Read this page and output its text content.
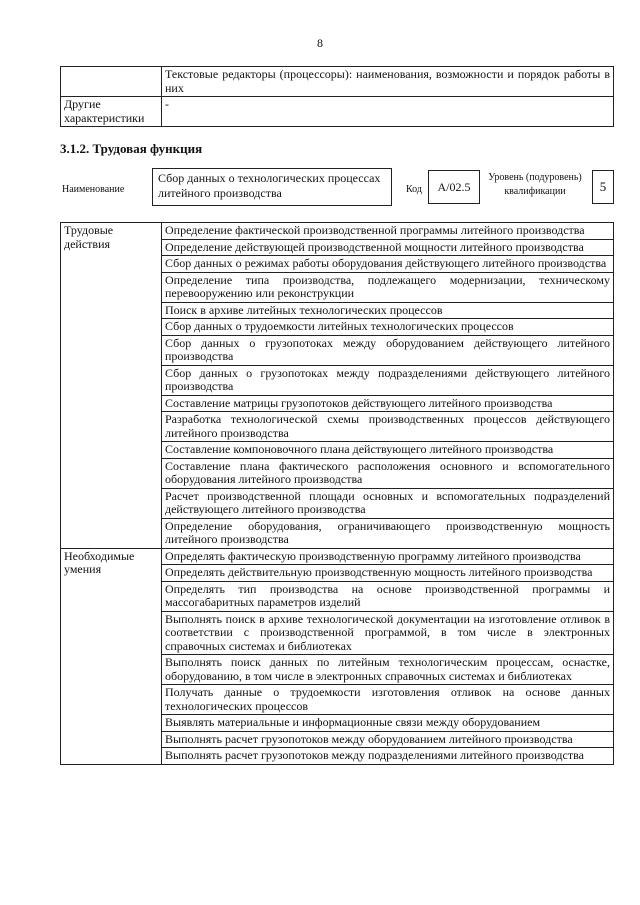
8
	Текстовые редакторы (процессоры): наименования, возможности и порядок работы в них
Другие характеристики	-
3.1.2. Трудовая функция
Наименование
Сбор данных о технологических процессах литейного производства	Код	А/02.5
Уровень (подуровень) квалификации	5
Трудовые действия	Определение фактической производственной программы литейного производства
	Определение действующей производственной мощности литейного производства
	Сбор данных о режимах работы оборудования действующего литейного производства
	Определение типа производства, подлежащего модернизации, техническому перевооружению или реконструкции
	Поиск в архиве литейных технологических процессов
	Сбор данных о трудоемкости литейных технологических процессов
	Сбор данных о грузопотоках между оборудованием действующего литейного производства
	Сбор данных о грузопотоках между подразделениями действующего литейного производства
	Составление матрицы грузопотоков действующего литейного производства
	Разработка технологической схемы производственных процессов действующего литейного производства
	Составление компоновочного плана действующего литейного производства
	Составление плана фактического расположения основного и вспомогательного оборудования литейного производства
	Расчет производственной площади основных и вспомогательных подразделений действующего литейного производства
	Определение оборудования, ограничивающего производственную мощность литейного производства
Необходимые умения	Определять фактическую производственную программу литейного производства
	Определять действительную производственную мощность литейного производства
	Определять тип производства на основе производственной программы и массогабаритных параметров изделий
	Выполнять поиск в архиве технологической документации на изготовление отливок в соответствии с производственной программой, в том числе в электронных справочных системах и библиотеках
	Выполнять поиск данных по литейным технологическим процессам, оснастке, оборудованию, в том числе в электронных справочных системах и библиотеках
	Получать данные о трудоемкости изготовления отливок на основе данных технологических процессов
	Выявлять материальные и информационные связи между оборудованием
	Выполнять расчет грузопотоков между оборудованием литейного производства
	Выполнять расчет грузопотоков между подразделениями литейного производства
